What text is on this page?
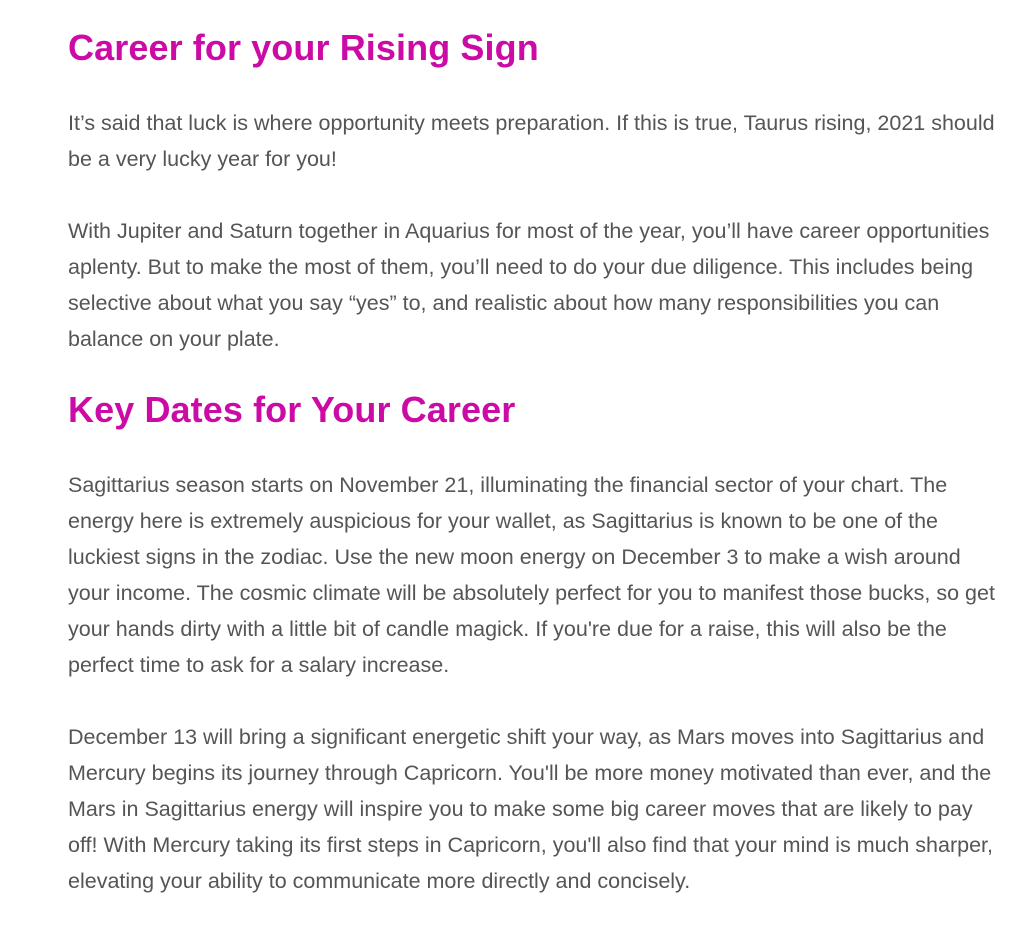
Career for your Rising Sign

It’s said that luck is where opportunity meets preparation. If this is true, Taurus rising, 2021 should be a very lucky year for you!

With Jupiter and Saturn together in Aquarius for most of the year, you’ll have career opportunities aplenty. But to make the most of them, you’ll need to do your due diligence. This includes being selective about what you say “yes” to, and realistic about how many responsibilities you can balance on your plate.

Key Dates for Your Career

Sagittarius season starts on November 21, illuminating the financial sector of your chart. The energy here is extremely auspicious for your wallet, as Sagittarius is known to be one of the luckiest signs in the zodiac. Use the new moon energy on December 3 to make a wish around your income. The cosmic climate will be absolutely perfect for you to manifest those bucks, so get your hands dirty with a little bit of candle magick. If you're due for a raise, this will also be the perfect time to ask for a salary increase.

December 13 will bring a significant energetic shift your way, as Mars moves into Sagittarius and Mercury begins its journey through Capricorn. You'll be more money motivated than ever, and the Mars in Sagittarius energy will inspire you to make some big career moves that are likely to pay off! With Mercury taking its first steps in Capricorn, you'll also find that your mind is much sharper, elevating your ability to communicate more directly and concisely.
